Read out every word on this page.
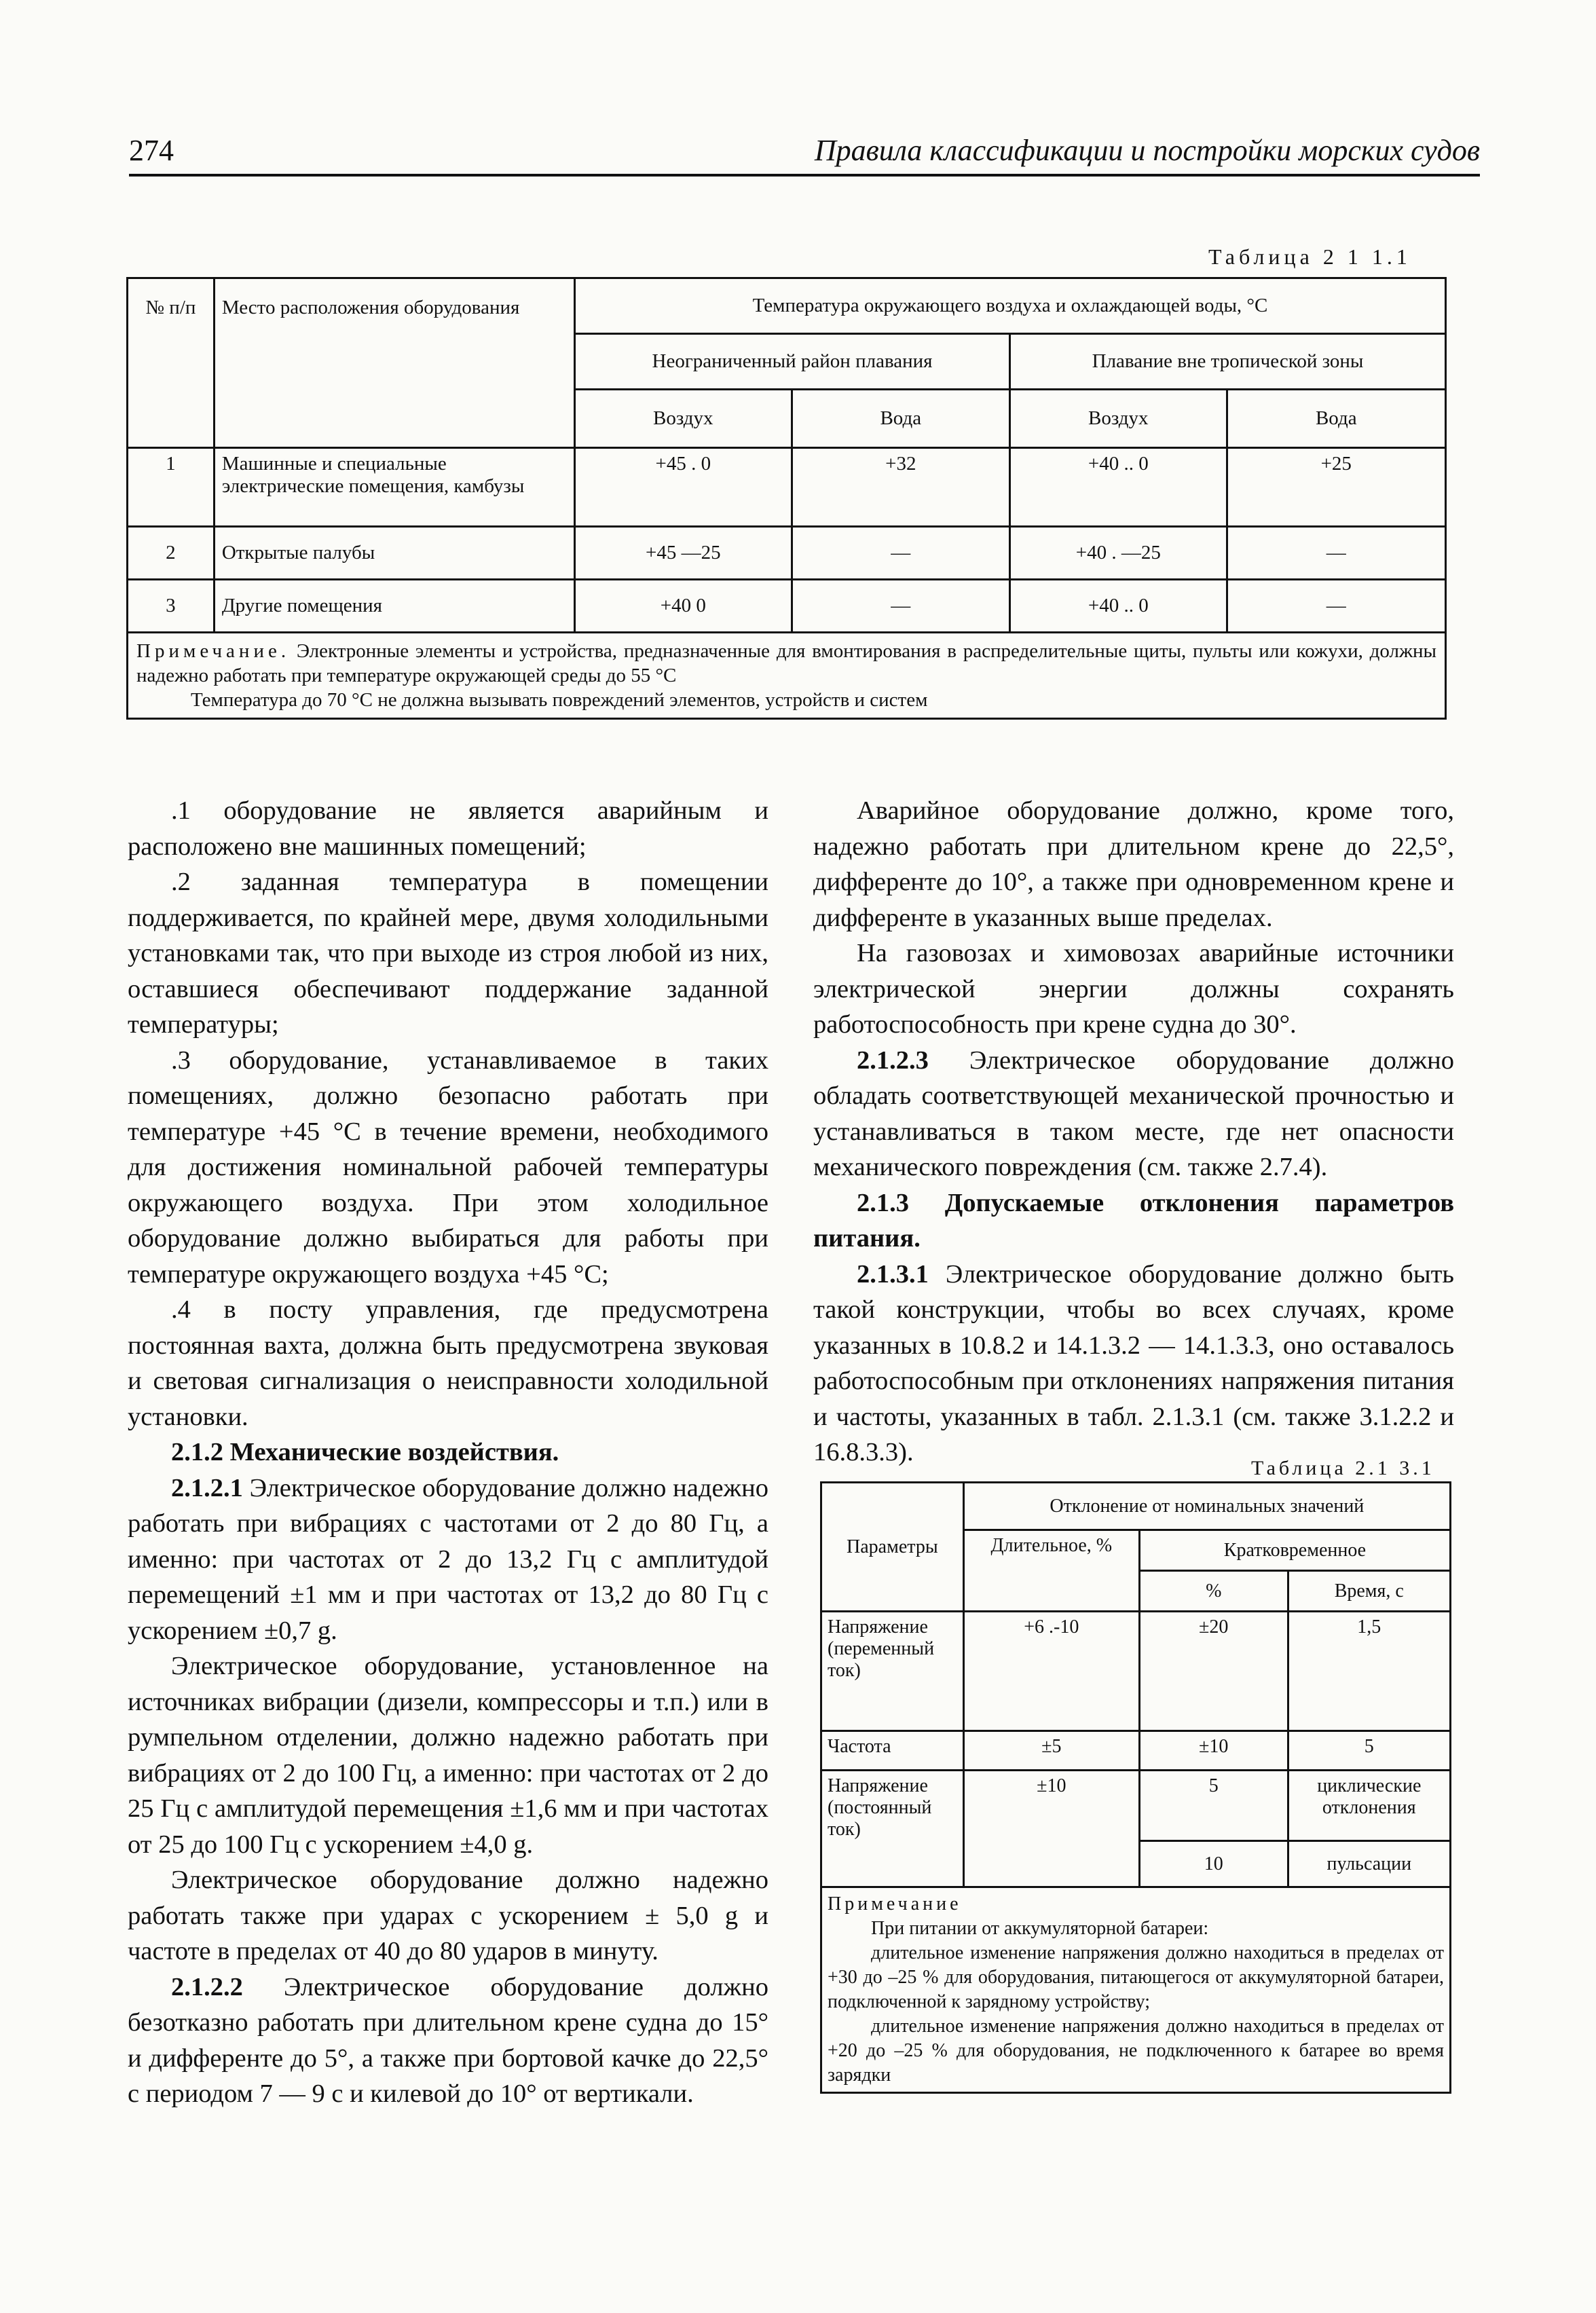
274	Правила классификации и постройки морских судов
Таблица 2 1 1.1
№ п/п	Место расположения оборудования	Температура окружающего воздуха и охлаждающей воды, °С			
		Неограниченный район плавания		Плавание вне тропической зоны	
		Воздух	Вода	Воздух	Вода
1	Машинные и специальные электрические помещения, камбузы	+45 . 0	+32	+40 .. 0	+25
2	Открытые палубы	+45 —25	—	+40 . —25	—
3	Другие помещения	+40 0	—	+40 .. 0	—
Примечание. Электронные элементы и устройства, предназначенные для вмонтирования в распределительные щиты, пульты или кожухи, должны надежно работать при температуре окружающей среды до 55 °С
Температура до 70 °С не должна вызывать повреждений элементов, устройств и систем					

.1 оборудование не является аварийным и расположено вне машинных помещений;

.2 заданная температура в помещении поддерживается, по крайней мере, двумя холодильными установками так, что при выходе из строя любой из них, оставшиеся обеспечивают поддержание заданной температуры;

.3 оборудование, устанавливаемое в таких помещениях, должно безопасно работать при температуре +45 °С в течение времени, необходимого для достижения номинальной рабочей температуры окружающего воздуха. При этом холодильное оборудование должно выбираться для работы при температуре окружающего воздуха +45 °С;

.4 в посту управления, где предусмотрена постоянная вахта, должна быть предусмотрена звуковая и световая сигнализация о неисправности холодильной установки.

2.1.2 Механические воздействия.

2.1.2.1 Электрическое оборудование должно надежно работать при вибрациях с частотами от 2 до 80 Гц, а именно: при частотах от 2 до 13,2 Гц с амплитудой перемещений ±1 мм и при частотах от 13,2 до 80 Гц с ускорением ±0,7 g.

Электрическое оборудование, установленное на источниках вибрации (дизели, компрессоры и т.п.) или в румпельном отделении, должно надежно работать при вибрациях от 2 до 100 Гц, а именно: при частотах от 2 до 25 Гц с амплитудой перемещения ±1,6 мм и при частотах от 25 до 100 Гц с ускорением ±4,0 g.

Электрическое оборудование должно надежно работать также при ударах с ускорением ± 5,0 g и частоте в пределах от 40 до 80 ударов в минуту.

2.1.2.2 Электрическое оборудование должно безотказно работать при длительном крене судна до 15° и дифференте до 5°, а также при бортовой качке до 22,5° с периодом 7 — 9 с и килевой до 10° от вертикали.

Аварийное оборудование должно, кроме того, надежно работать при длительном крене до 22,5°, дифференте до 10°, а также при одновременном крене и дифференте в указанных выше пределах.

На газовозах и химовозах аварийные источники электрической энергии должны сохранять работоспособность при крене судна до 30°.

2.1.2.3 Электрическое оборудование должно обладать соответствующей механической прочностью и устанавливаться в таком месте, где нет опасности механического повреждения (см. также 2.7.4).

2.1.3 Допускаемые отклонения параметров питания.

2.1.3.1 Электрическое оборудование должно быть такой конструкции, чтобы во всех случаях, кроме указанных в 10.8.2 и 14.1.3.2 — 14.1.3.3, оно оставалось работоспособным при отклонениях напряжения питания и частоты, указанных в табл. 2.1.3.1 (см. также 3.1.2.2 и 16.8.3.3).

Таблица 2.1 3.1
Параметры	Отклонение от номинальных значений		
	Длительное, %	Кратковременное	
		%	Время, с
Напряжение (переменный ток)	+6 .-10	±20	1,5
Частота	±5	±10	5
Напряжение (постоянный ток)	±10	5	циклические отклонения
		10	пульсации

Примечание
При питании от аккумуляторной батареи:
длительное изменение напряжения должно находиться в пределах от +30 до –25 % для оборудования, питающегося от аккумуляторной батареи, подключенной к зарядному устройству;
длительное изменение напряжения должно находиться в пределах от +20 до –25 % для оборудования, не подключенного к батарее во время зарядки			
